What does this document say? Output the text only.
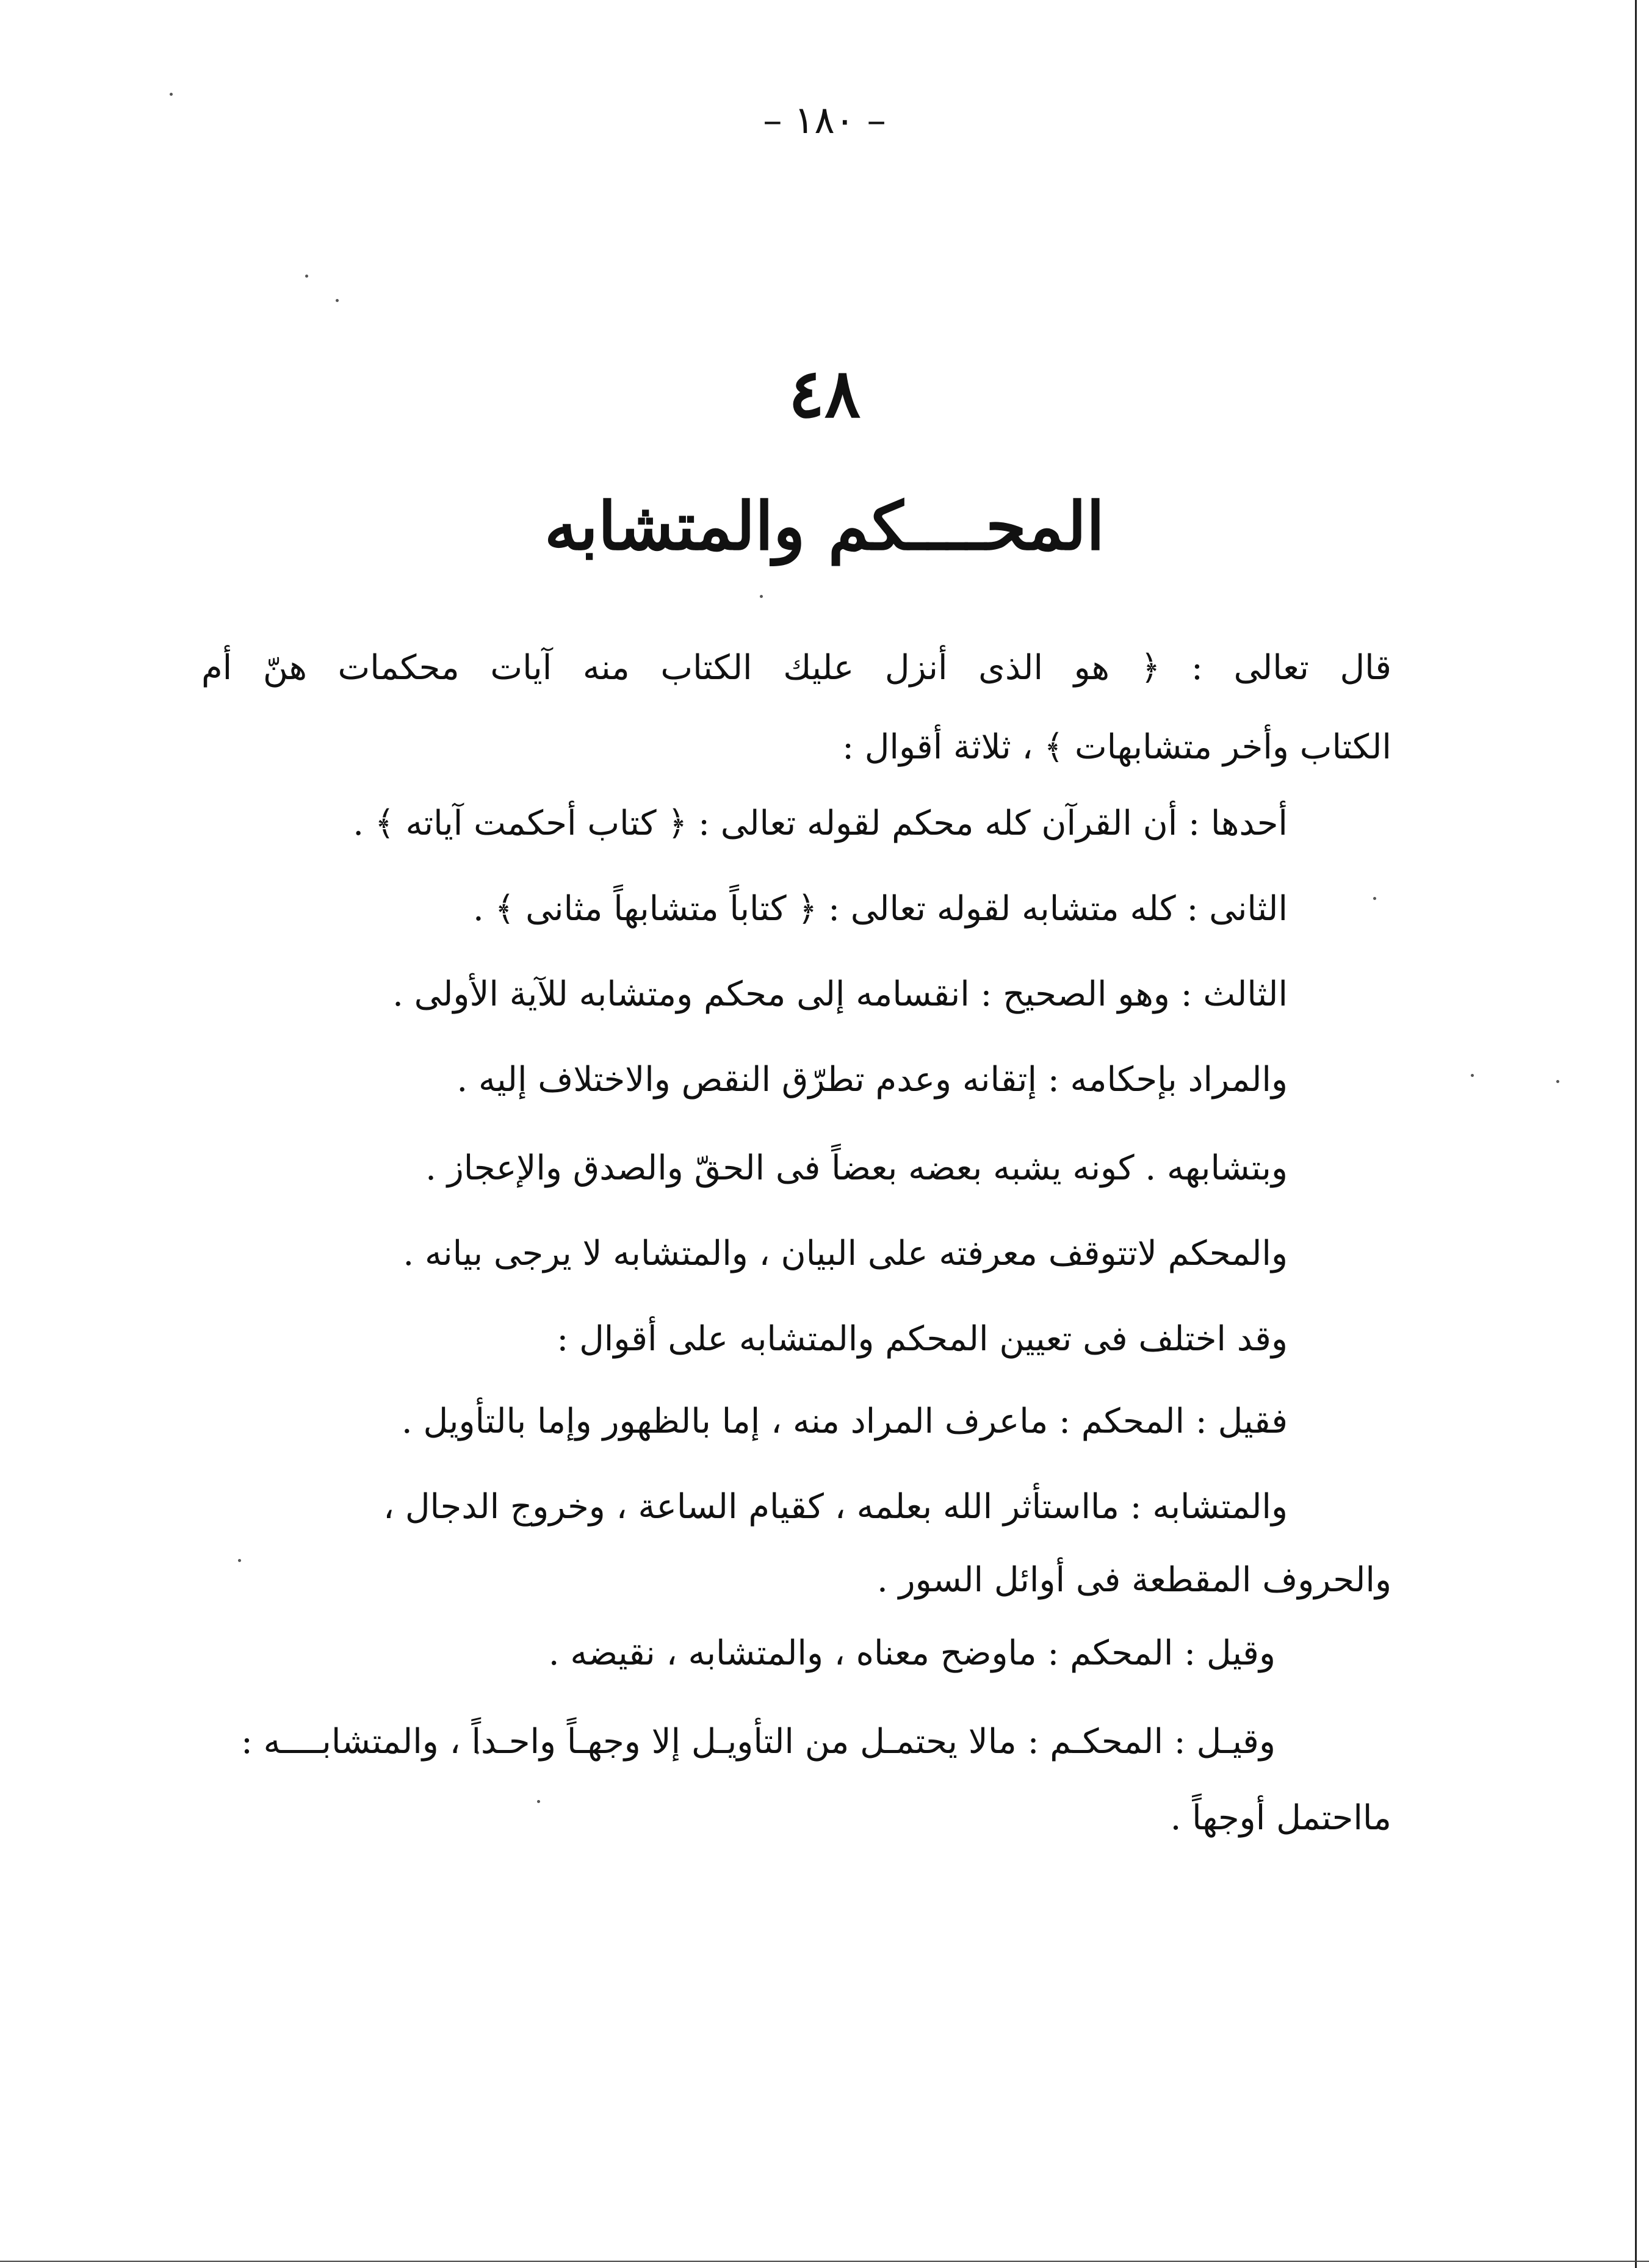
– ١٨٠ –
٤٨
المحــــكم والمتشابه
قال تعالى : ﴿ هو الذى أنزل عليك الكتاب منه آيات محكمات هنّ أم
الكتاب وأخر متشابهات ﴾ ، ثلاثة أقوال :
أحدها : أن القرآن كله محكم لقوله تعالى : ﴿ كتاب أحكمت آياته ﴾ .
الثانى : كله متشابه لقوله تعالى : ﴿ كتاباً متشابهاً مثانى ﴾ .
الثالث : وهو الصحيح : انقسامه إلى محكم ومتشابه للآية الأولى .
والمراد بإحكامه : إتقانه وعدم تطرّق النقص والاختلاف إليه .
وبتشابهه . كونه يشبه بعضه بعضاً فى الحقّ والصدق والإعجاز .
والمحكم لاتتوقف معرفته على البيان ، والمتشابه لا يرجى بيانه .
وقد اختلف فى تعيين المحكم والمتشابه على أقوال :
فقيل : المحكم : ماعرف المراد منه ، إما بالظهور وإما بالتأويل .
والمتشابه : مااستأثر الله بعلمه ، كقيام الساعة ، وخروج الدجال ،
والحروف المقطعة فى أوائل السور .
وقيل : المحكم : ماوضح معناه ، والمتشابه ، نقيضه .
وقيـل : المحكـم : مالا يحتمـل من التأويـل إلا وجهـاً واحـداً ، والمتشابــــه :
مااحتمل أوجهاً .
